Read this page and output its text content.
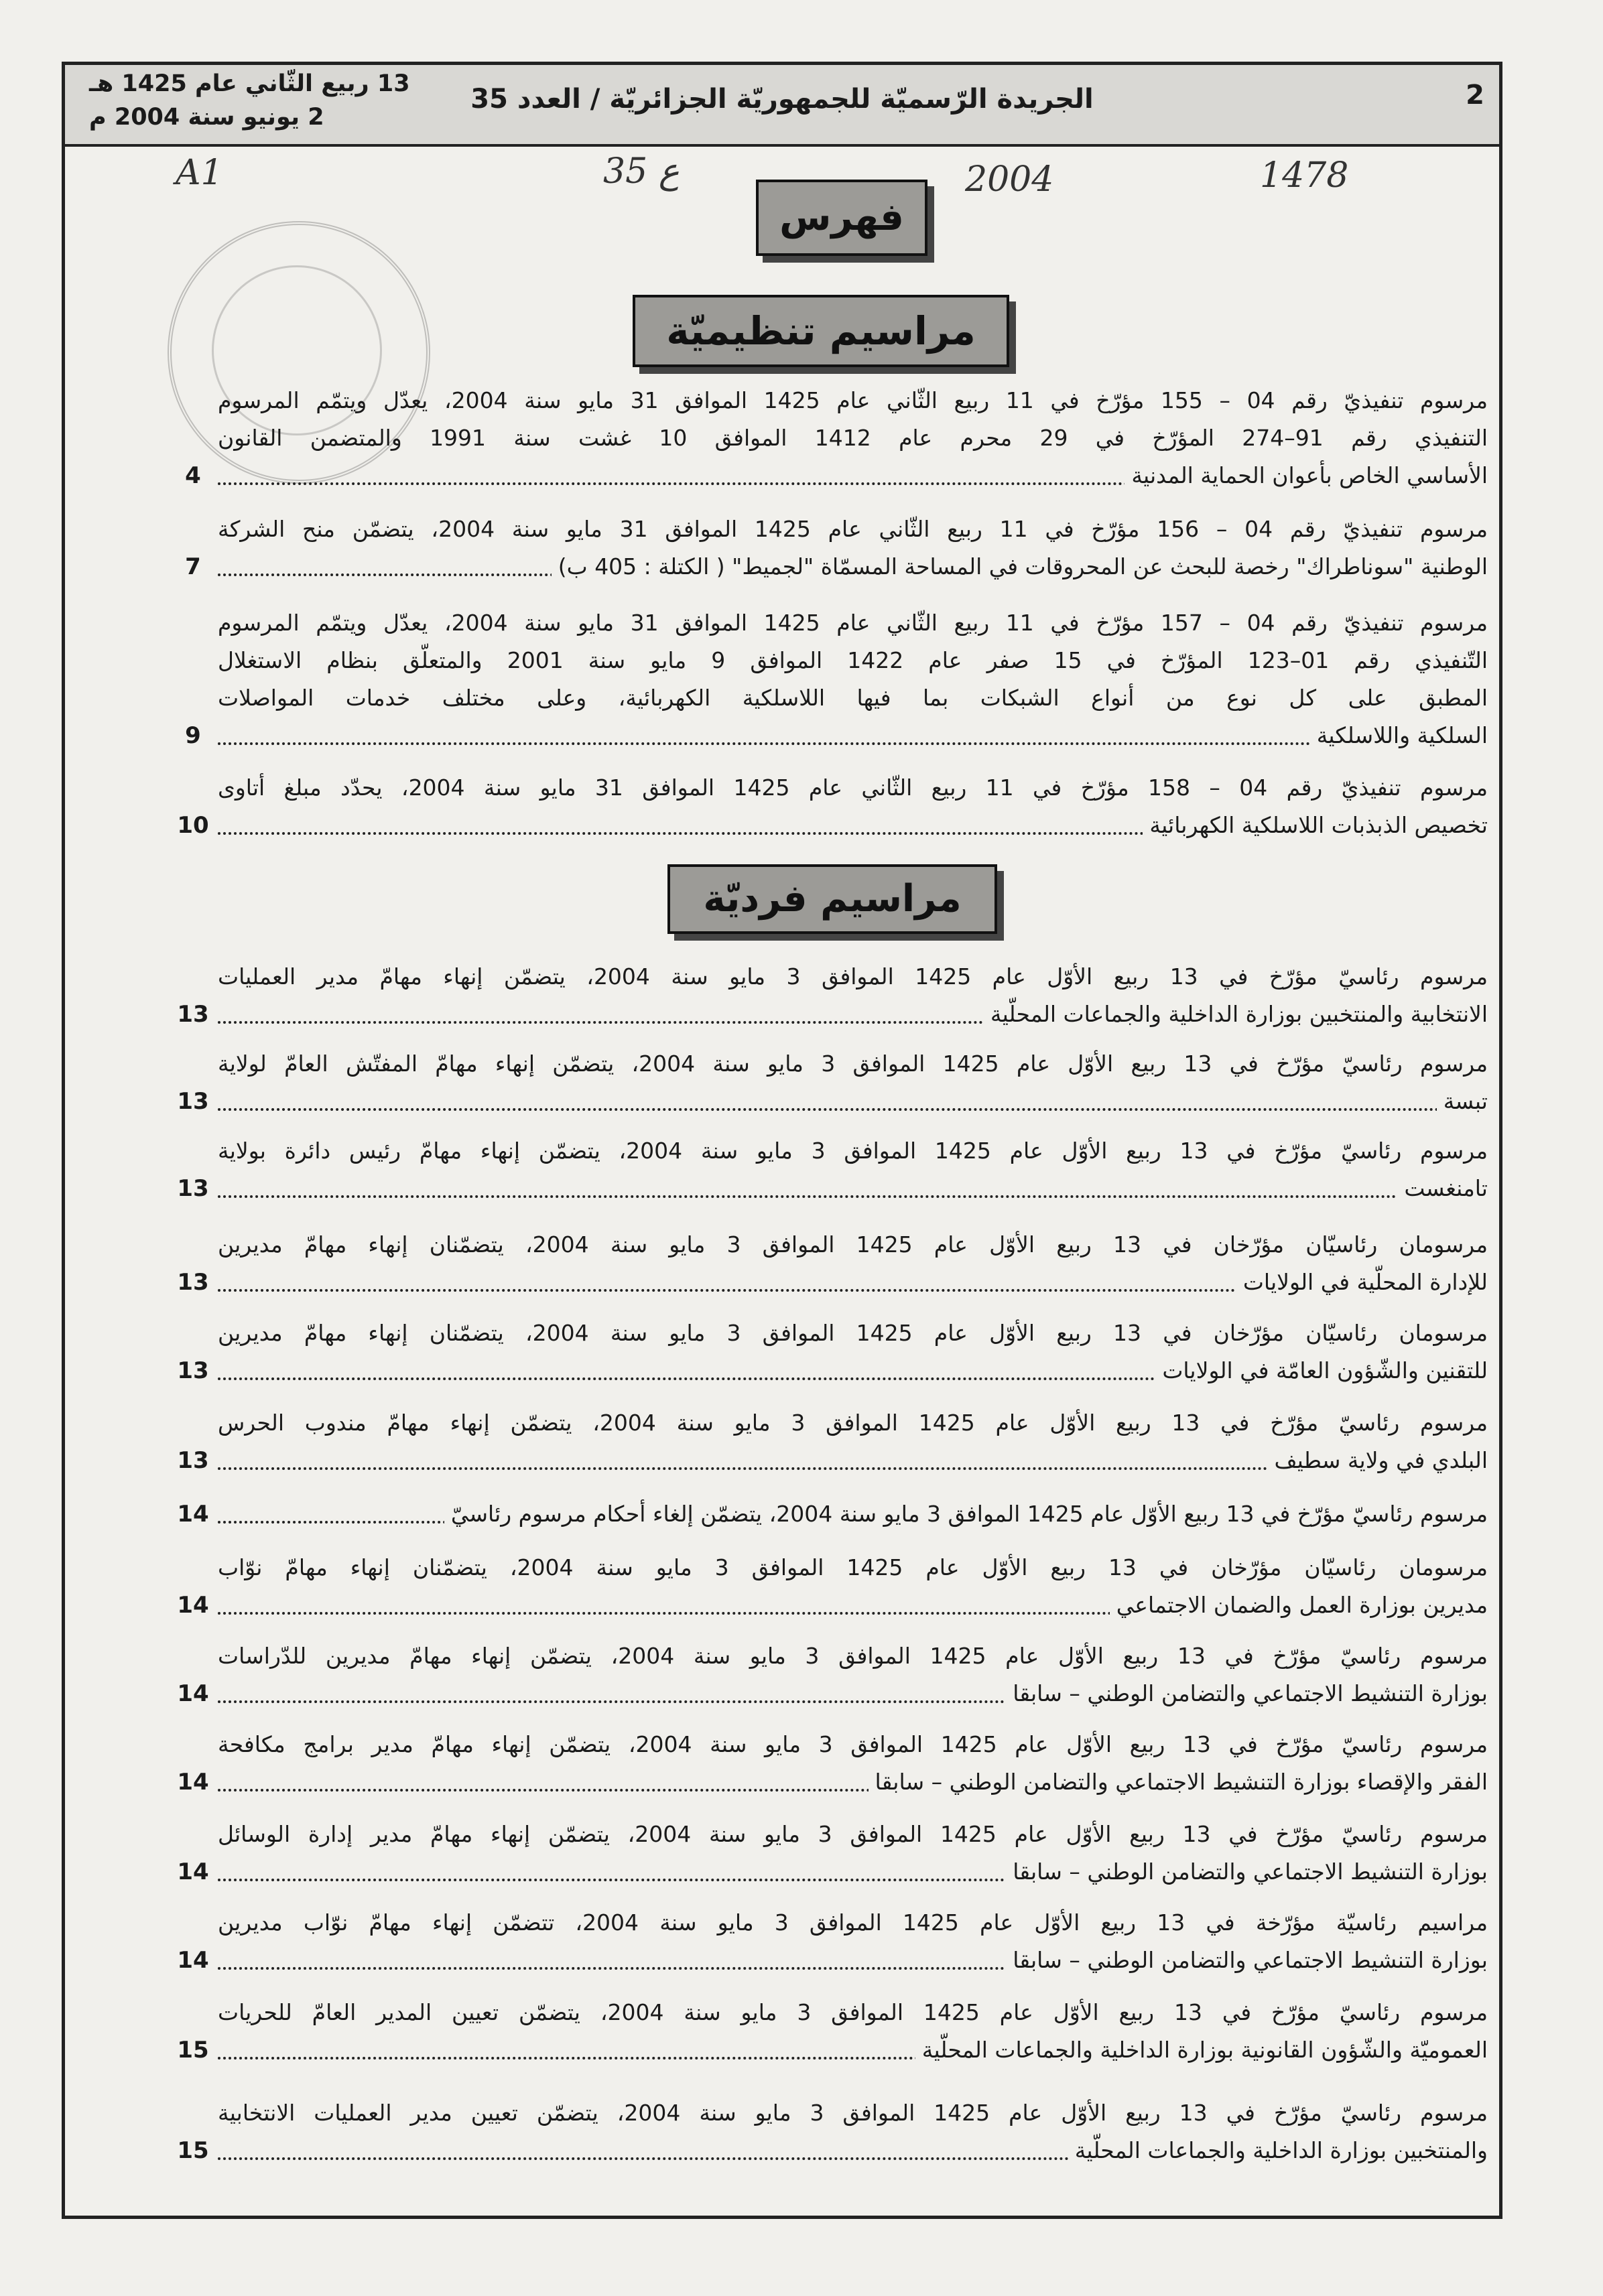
2
الجريدة الرّسميّة للجمهوريّة الجزائريّة / العدد 35
13 ربيع الثّاني عام 1425 هـ
2 يونيو سنة 2004 م
A1	ع 35	2004	1478
فهرس
مراسيم تنظيميّة
مراسيم فرديّة
مرسوم تنفيذيّ رقم 04 – 155 مؤرّخ في 11 ربيع الثّاني عام 1425 الموافق 31 مايو سنة 2004، يعدّل ويتمّم المرسوم
التنفيذي رقم 91–274 المؤرّخ في 29 محرم عام 1412 الموافق 10 غشت سنة 1991 والمتضمن القانون
الأساسي الخاص بأعوان الحماية المدنية
4
مرسوم تنفيذيّ رقم 04 – 156 مؤرّخ في 11 ربيع الثّاني عام 1425 الموافق 31 مايو سنة 2004، يتضمّن منح الشركة
الوطنية "سوناطراك" رخصة للبحث عن المحروقات في المساحة المسمّاة "لجميط" ( الكتلة : 405 ب)
7
مرسوم تنفيذيّ رقم 04 – 157 مؤرّخ في 11 ربيع الثّاني عام 1425 الموافق 31 مايو سنة 2004، يعدّل ويتمّم المرسوم
التّنفيذي رقم 01–123 المؤرّخ في 15 صفر عام 1422 الموافق 9 مايو سنة 2001 والمتعلّق بنظام الاستغلال
المطبق على كل نوع من أنواع الشبكات بما فيها اللاسلكية الكهربائية، وعلى مختلف خدمات المواصلات
السلكية واللاسلكية
9
مرسوم تنفيذيّ رقم 04 – 158 مؤرّخ في 11 ربيع الثّاني عام 1425 الموافق 31 مايو سنة 2004، يحدّد مبلغ أتاوى
تخصيص الذبذبات اللاسلكية الكهربائية
10
مرسوم رئاسيّ مؤرّخ في 13 ربيع الأوّل عام 1425 الموافق 3 مايو سنة 2004، يتضمّن إنهاء مهامّ مدير العمليات
الانتخابية والمنتخبين بوزارة الداخلية والجماعات المحلّية
13
مرسوم رئاسيّ مؤرّخ في 13 ربيع الأوّل عام 1425 الموافق 3 مايو سنة 2004، يتضمّن إنهاء مهامّ المفتّش العامّ لولاية
تبسة
13
مرسوم رئاسيّ مؤرّخ في 13 ربيع الأوّل عام 1425 الموافق 3 مايو سنة 2004، يتضمّن إنهاء مهامّ رئيس دائرة بولاية
تامنغست
13
مرسومان رئاسيّان مؤرّخان في 13 ربيع الأوّل عام 1425 الموافق 3 مايو سنة 2004، يتضمّنان إنهاء مهامّ مديرين
للإدارة المحلّية في الولايات
13
مرسومان رئاسيّان مؤرّخان في 13 ربيع الأوّل عام 1425 الموافق 3 مايو سنة 2004، يتضمّنان إنهاء مهامّ مديرين
للتقنين والشّؤون العامّة في الولايات
13
مرسوم رئاسيّ مؤرّخ في 13 ربيع الأوّل عام 1425 الموافق 3 مايو سنة 2004، يتضمّن إنهاء مهامّ مندوب الحرس
البلدي في ولاية سطيف
13
مرسوم رئاسيّ مؤرّخ في 13 ربيع الأوّل عام 1425 الموافق 3 مايو سنة 2004، يتضمّن إلغاء أحكام مرسوم رئاسيّ
14
مرسومان رئاسيّان مؤرّخان في 13 ربيع الأوّل عام 1425 الموافق 3 مايو سنة 2004، يتضمّنان إنهاء مهامّ نوّاب
مديرين بوزارة العمل والضمان الاجتماعي
14
مرسوم رئاسيّ مؤرّخ في 13 ربيع الأوّل عام 1425 الموافق 3 مايو سنة 2004، يتضمّن إنهاء مهامّ مديرين للدّراسات
بوزارة التنشيط الاجتماعي والتضامن الوطني – سابقا
14
مرسوم رئاسيّ مؤرّخ في 13 ربيع الأوّل عام 1425 الموافق 3 مايو سنة 2004، يتضمّن إنهاء مهامّ مدير برامج مكافحة
الفقر والإقصاء بوزارة التنشيط الاجتماعي والتضامن الوطني – سابقا
14
مرسوم رئاسيّ مؤرّخ في 13 ربيع الأوّل عام 1425 الموافق 3 مايو سنة 2004، يتضمّن إنهاء مهامّ مدير إدارة الوسائل
بوزارة التنشيط الاجتماعي والتضامن الوطني – سابقا
14
مراسيم رئاسيّة مؤرّخة في 13 ربيع الأوّل عام 1425 الموافق 3 مايو سنة 2004، تتضمّن إنهاء مهامّ نوّاب مديرين
بوزارة التنشيط الاجتماعي والتضامن الوطني – سابقا
14
مرسوم رئاسيّ مؤرّخ في 13 ربيع الأوّل عام 1425 الموافق 3 مايو سنة 2004، يتضمّن تعيين المدير العامّ للحريات
العموميّة والشّؤون القانونية بوزارة الداخلية والجماعات المحلّية
15
مرسوم رئاسيّ مؤرّخ في 13 ربيع الأوّل عام 1425 الموافق 3 مايو سنة 2004، يتضمّن تعيين مدير العمليات الانتخابية
والمنتخبين بوزارة الداخلية والجماعات المحلّية
15
